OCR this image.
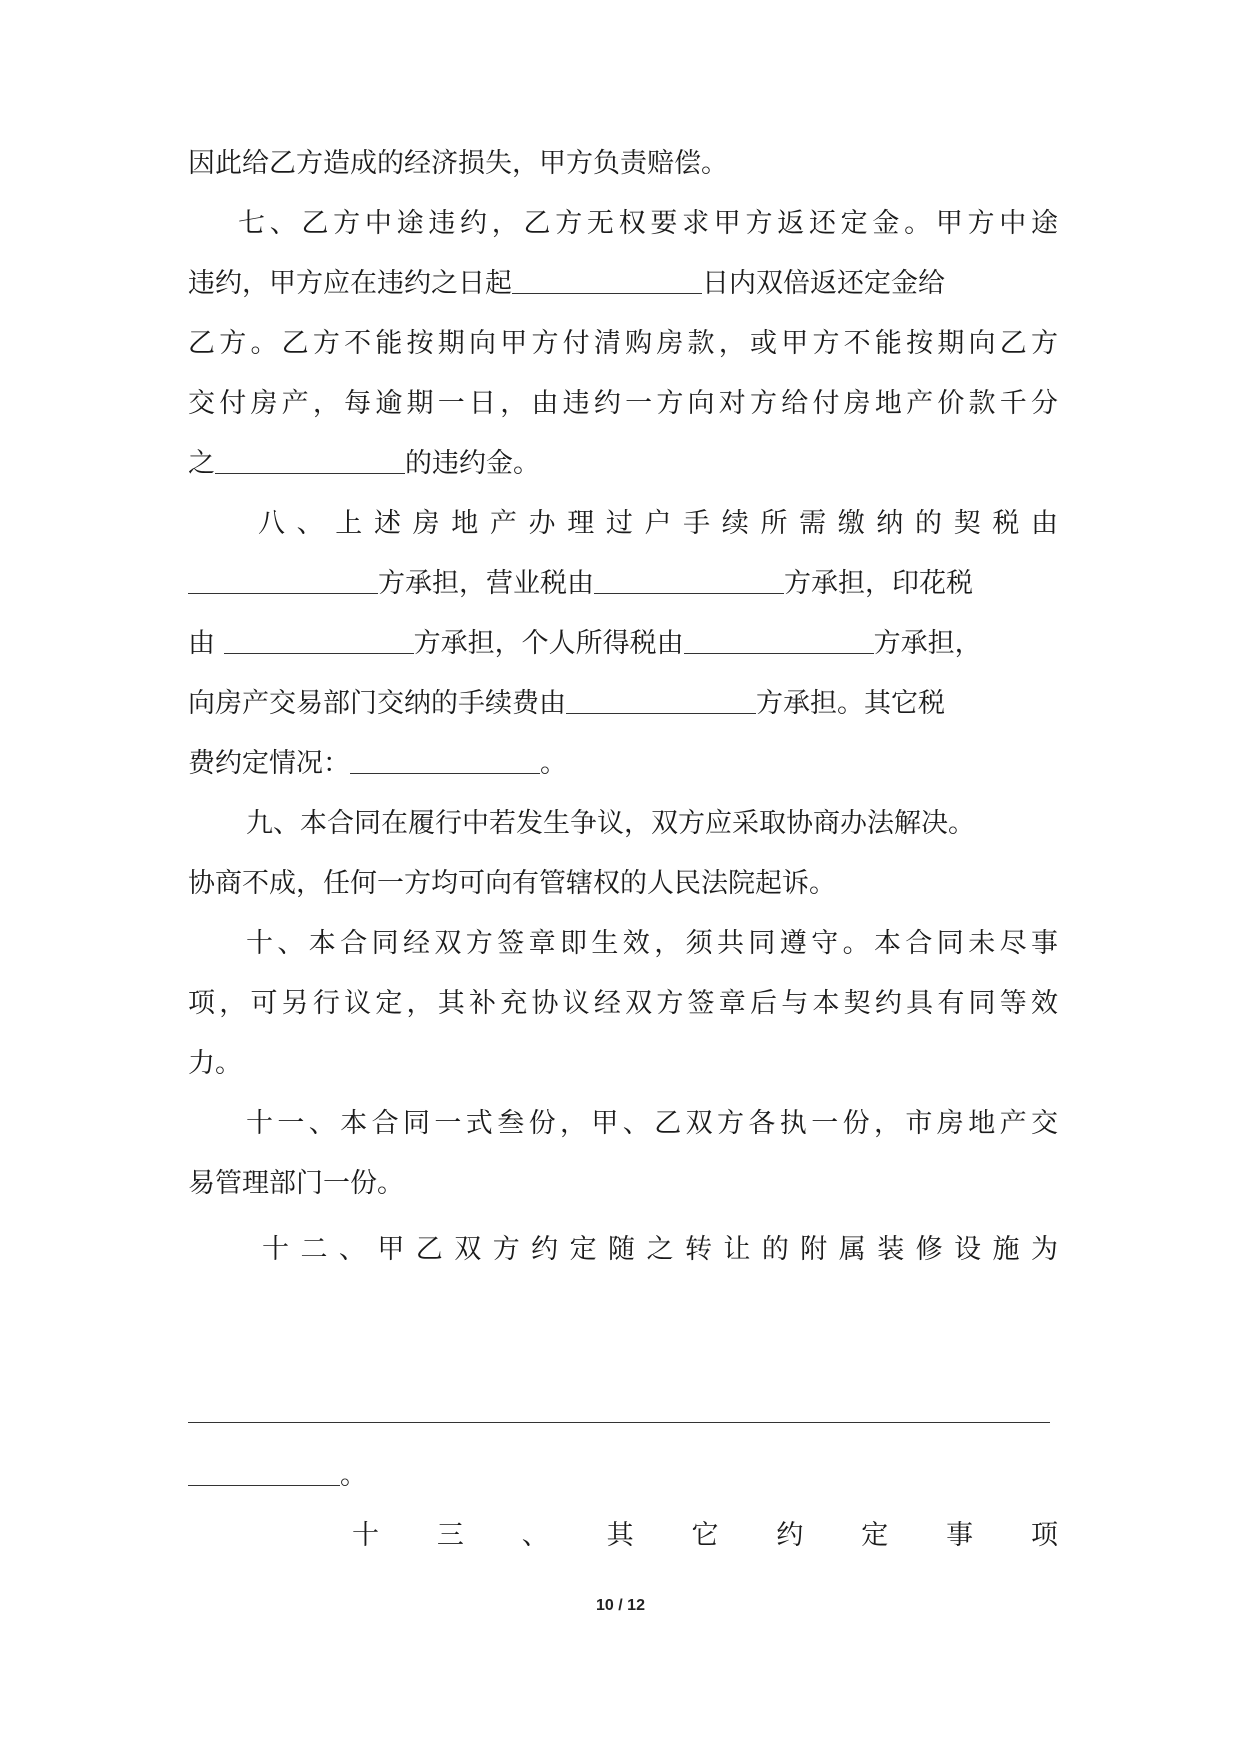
因此给乙方造成的经济损失，甲方负责赔偿。
七、乙方中途违约，乙方无权要求甲方返还定金。甲方中途
违约，甲方应在违约之日起	日内双倍返还定金给
乙方。乙方不能按期向甲方付清购房款，或甲方不能按期向乙方
交付房产，每逾期一日，由违约一方向对方给付房地产价款千分
之	的违约金。
八、上述房地产办理过户手续所需缴纳的契税由
方承担，营业税由	方承担，印花税
由	方承担，个人所得税由	方承担，
向房产交易部门交纳的手续费由	方承担。其它税
费约定情况：	。
九、本合同在履行中若发生争议，双方应采取协商办法解决。
协商不成，任何一方均可向有管辖权的人民法院起诉。
十、本合同经双方签章即生效，须共同遵守。本合同未尽事
项，可另行议定，其补充协议经双方签章后与本契约具有同等效
力。
十一、本合同一式叁份，甲、乙双方各执一份，市房地产交
易管理部门一份。
十二、甲乙双方约定随之转让的附属装修设施为
。
十三、其它约定事项
10 / 12
